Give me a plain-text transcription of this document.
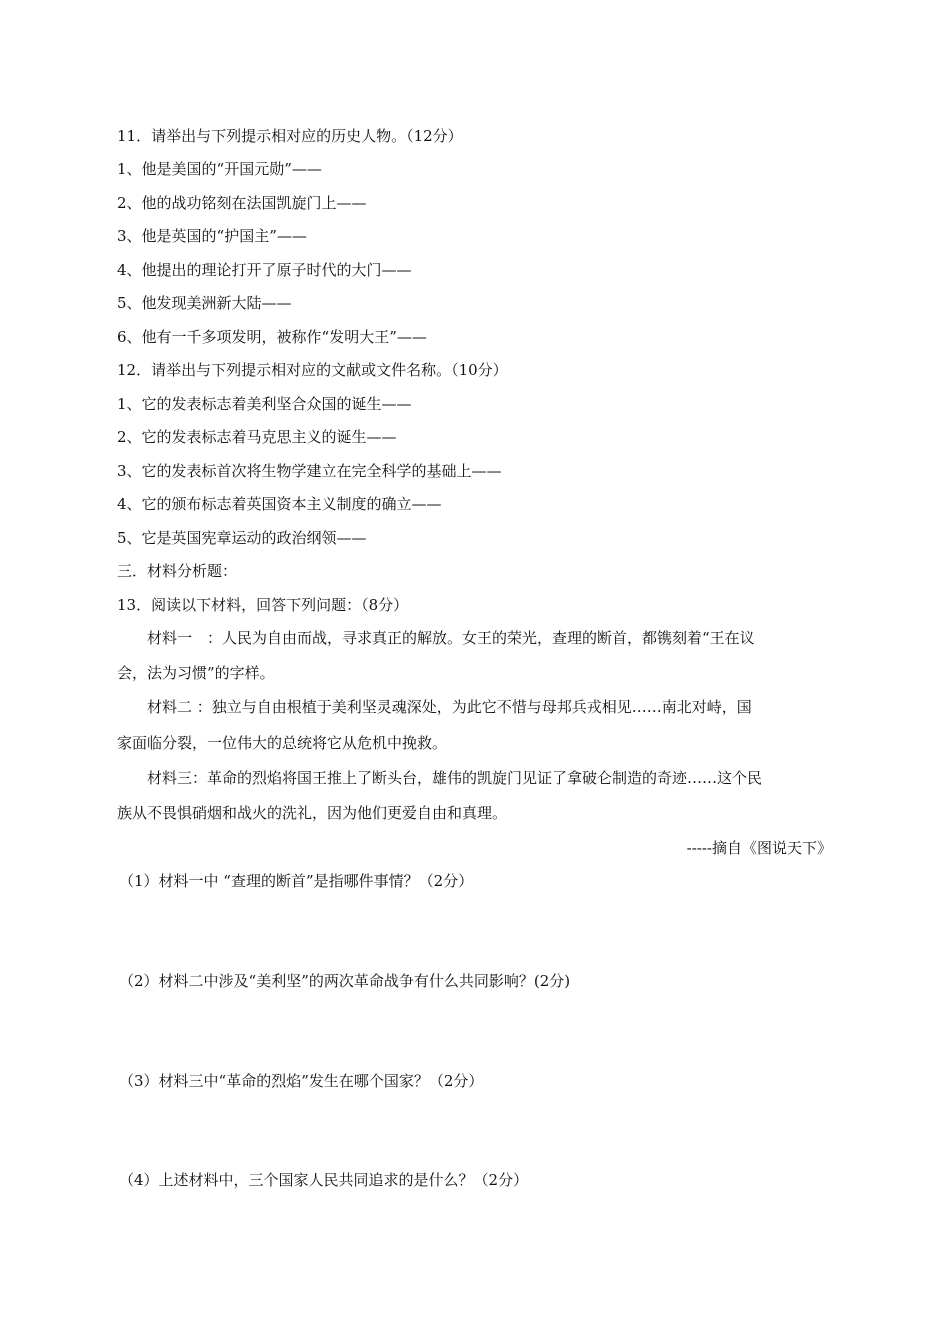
11．请举出与下列提示相对应的历史人物。（12分）
1、他是美国的“开国元勋”——
2、他的战功铭刻在法国凯旋门上——
3、他是英国的“护国主”——
4、他提出的理论打开了原子时代的大门——
5、他发现美洲新大陆——
6、他有一千多项发明，被称作“发明大王”——
12．请举出与下列提示相对应的文献或文件名称。（10分）
1、它的发表标志着美利坚合众国的诞生——
2、它的发表标志着马克思主义的诞生——
3、它的发表标首次将生物学建立在完全科学的基础上——
4、它的颁布标志着英国资本主义制度的确立——
5、它是英国宪章运动的政治纲领——
三．材料分析题：
13．阅读以下材料，回答下列问题：（8分）
材料一　：人民为自由而战，寻求真正的解放。女王的荣光，查理的断首，都镌刻着“王在议
会，法为习惯”的字样。
材料二 ：独立与自由根植于美利坚灵魂深处，为此它不惜与母邦兵戎相见……南北对峙，国
家面临分裂，一位伟大的总统将它从危机中挽救。
材料三：革命的烈焰将国王推上了断头台，雄伟的凯旋门见证了拿破仑制造的奇迹……这个民
族从不畏惧硝烟和战火的洗礼，因为他们更爱自由和真理。
-----摘自《图说天下》
（1）材料一中 “查理的断首”是指哪件事情？（2分）
（2）材料二中涉及“美利坚”的两次革命战争有什么共同影响？(2分)
（3）材料三中“革命的烈焰”发生在哪个国家？（2分）
（4）上述材料中，三个国家人民共同追求的是什么？（2分）
